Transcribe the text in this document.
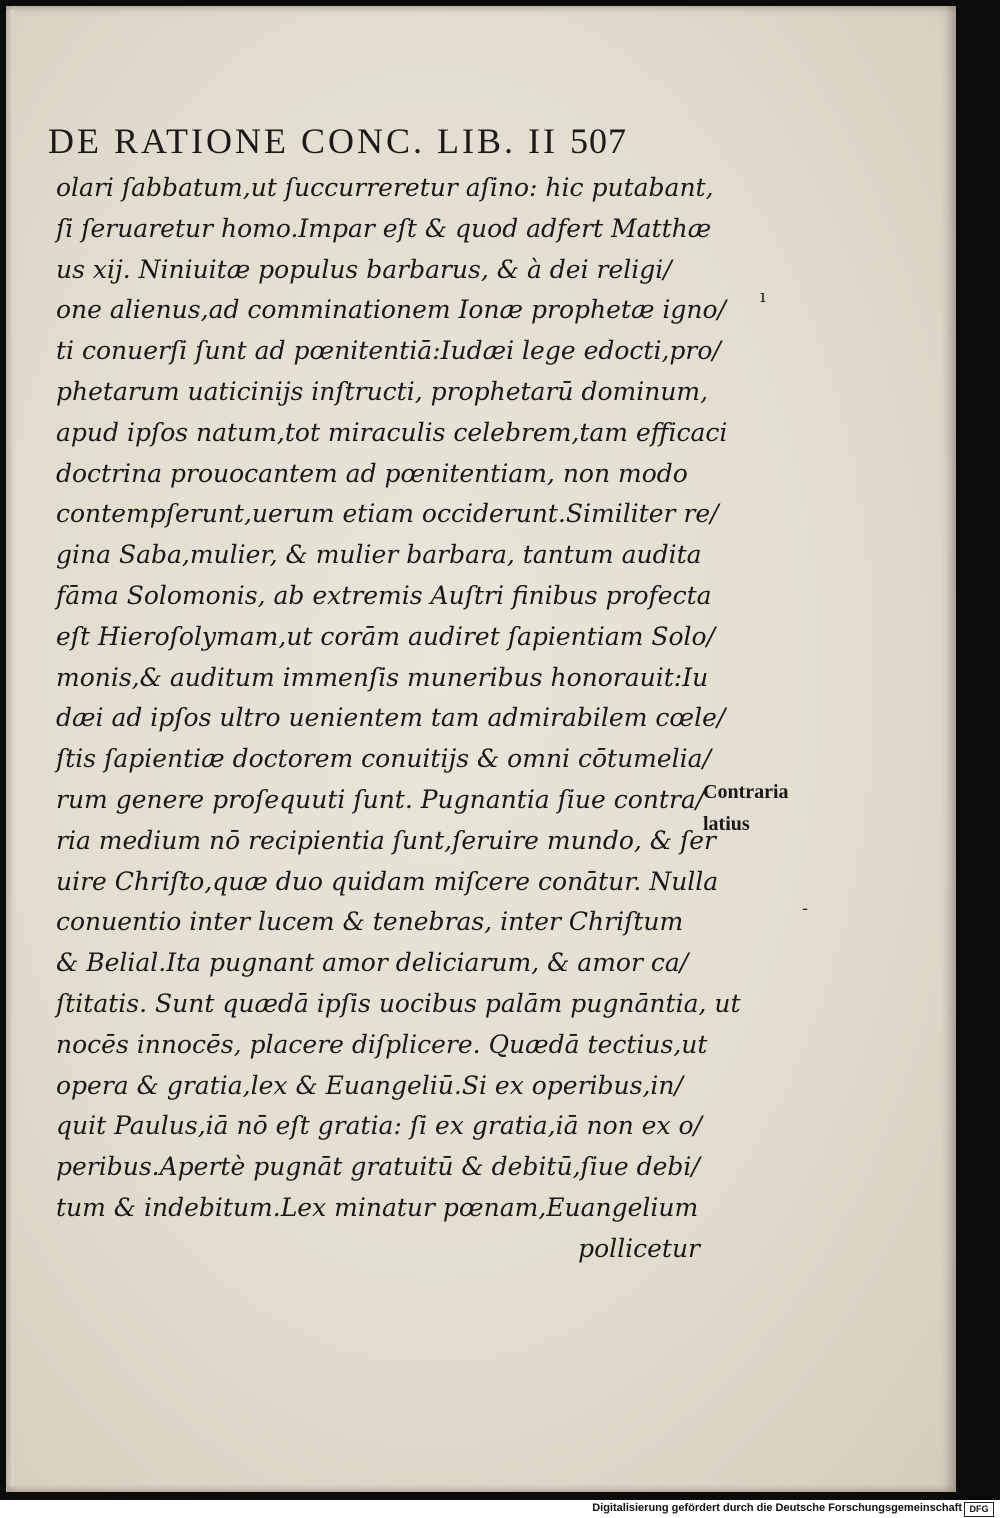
DE RATIONE CONC. LIB. II 507
olari ſabbatum,ut ſuccurreretur aſino: hic putabant,
ſi ſeruaretur homo.Impar eſt & quod adfert Matthæ
us xij. Niniuitæ populus barbarus, & à dei religi/
one alienus,ad comminationem Ionæ prophetæ igno/
ti conuerſi ſunt ad pœnitentiā:Iudæi lege edocti,pro/
phetarum uaticinijs inſtructi, prophetarū dominum,
apud ipſos natum,tot miraculis celebrem,tam efficaci
doctrina prouocantem ad pœnitentiam, non modo
contempſerunt,uerum etiam occiderunt.Similiter re/
gina Saba,mulier, & mulier barbara, tantum audita
fāma Solomonis, ab extremis Auſtri finibus profecta
eſt Hieroſolymam,ut corām audiret ſapientiam Solo/
monis,& auditum immenſis muneribus honorauit:Iu
dæi ad ipſos ultro uenientem tam admirabilem cœle/
ſtis ſapientiæ doctorem conuitijs & omni cōtumelia/
rum genere proſequuti ſunt. Pugnantia ſiue contra/
ria medium nō recipientia ſunt,ſeruire mundo, & ſer
uire Chriſto,quæ duo quidam miſcere conātur. Nulla
conuentio inter lucem & tenebras, inter Chriſtum
& Belial.Ita pugnant amor deliciarum, & amor ca/
ſtitatis. Sunt quædā ipſis uocibus palām pugnāntia, ut
nocēs innocēs, placere diſplicere. Quædā tectius,ut
opera & gratia,lex & Euangeliū.Si ex operibus,in/
quit Paulus,iā nō eſt gratia: ſi ex gratia,iā non ex o/
peribus.Apertè pugnāt gratuitū & debitū,ſiue debi/
tum & indebitum.Lex minatur pœnam,Euangelium
pollicetur
Contraria
latius
ı
-
Digitalisierung gefördert durch die Deutsche Forschungsgemeinschaft DFG
